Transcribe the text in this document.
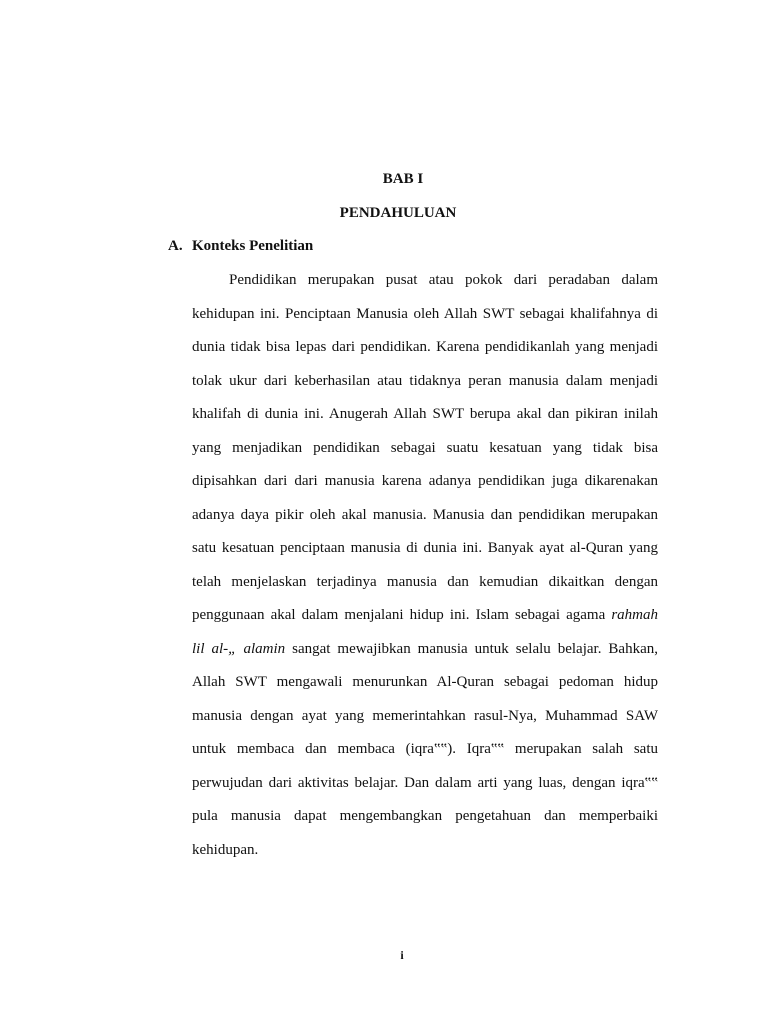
BAB I
PENDAHULUAN
A. Konteks Penelitian
Pendidikan merupakan pusat atau pokok dari peradaban dalam
kehidupan ini. Penciptaan Manusia oleh Allah SWT sebagai khalifahnya di
dunia tidak bisa lepas dari pendidikan. Karena pendidikanlah yang menjadi
tolak ukur dari keberhasilan atau tidaknya peran manusia dalam menjadi
khalifah di dunia ini. Anugerah Allah SWT berupa akal dan pikiran inilah
yang menjadikan pendidikan sebagai suatu kesatuan yang tidak bisa
dipisahkan dari dari manusia karena adanya pendidikan juga dikarenakan
adanya daya pikir oleh akal manusia. Manusia dan pendidikan merupakan
satu kesatuan penciptaan manusia di dunia ini. Banyak ayat al-Quran yang
telah menjelaskan terjadinya manusia dan kemudian dikaitkan dengan
penggunaan akal dalam menjalani hidup ini. Islam sebagai agama rahmah
lil al-„ alamin sangat mewajibkan manusia untuk selalu belajar. Bahkan,
Allah SWT mengawali menurunkan Al-Quran sebagai pedoman hidup
manusia dengan ayat yang memerintahkan rasul-Nya, Muhammad SAW
untuk membaca dan membaca (iqra‟‟). Iqra‟‟ merupakan salah satu
perwujudan dari aktivitas belajar. Dan dalam arti yang luas, dengan iqra‟‟
pula manusia dapat mengembangkan pengetahuan dan memperbaiki
kehidupan.
i
